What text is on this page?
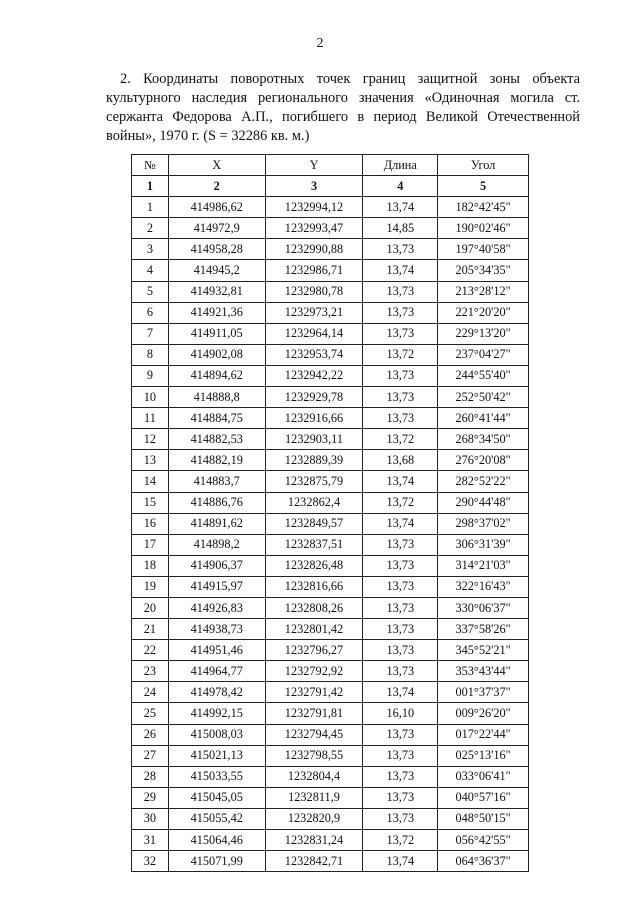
2
2. Координаты поворотных точек границ защитной зоны объекта культурного наследия регионального значения «Одиночная могила ст. сержанта Федорова А.П., погибшего в период Великой Отечественной войны», 1970 г. (S = 32286 кв. м.)
№	X	Y	Длина	Угол
1	2	3	4	5
1	414986,62	1232994,12	13,74	182°42'45"
2	414972,9	1232993,47	14,85	190°02'46"
3	414958,28	1232990,88	13,73	197°40'58"
4	414945,2	1232986,71	13,74	205°34'35"
5	414932,81	1232980,78	13,73	213°28'12"
6	414921,36	1232973,21	13,73	221°20'20"
7	414911,05	1232964,14	13,73	229°13'20"
8	414902,08	1232953,74	13,72	237°04'27"
9	414894,62	1232942,22	13,73	244°55'40"
10	414888,8	1232929,78	13,73	252°50'42"
11	414884,75	1232916,66	13,73	260°41'44"
12	414882,53	1232903,11	13,72	268°34'50"
13	414882,19	1232889,39	13,68	276°20'08"
14	414883,7	1232875,79	13,74	282°52'22"
15	414886,76	1232862,4	13,72	290°44'48"
16	414891,62	1232849,57	13,74	298°37'02"
17	414898,2	1232837,51	13,73	306°31'39"
18	414906,37	1232826,48	13,73	314°21'03"
19	414915,97	1232816,66	13,73	322°16'43"
20	414926,83	1232808,26	13,73	330°06'37"
21	414938,73	1232801,42	13,73	337°58'26"
22	414951,46	1232796,27	13,73	345°52'21"
23	414964,77	1232792,92	13,73	353°43'44"
24	414978,42	1232791,42	13,74	001°37'37"
25	414992,15	1232791,81	16,10	009°26'20"
26	415008,03	1232794,45	13,73	017°22'44"
27	415021,13	1232798,55	13,73	025°13'16"
28	415033,55	1232804,4	13,73	033°06'41"
29	415045,05	1232811,9	13,73	040°57'16"
30	415055,42	1232820,9	13,73	048°50'15"
31	415064,46	1232831,24	13,72	056°42'55"
32	415071,99	1232842,71	13,74	064°36'37"
